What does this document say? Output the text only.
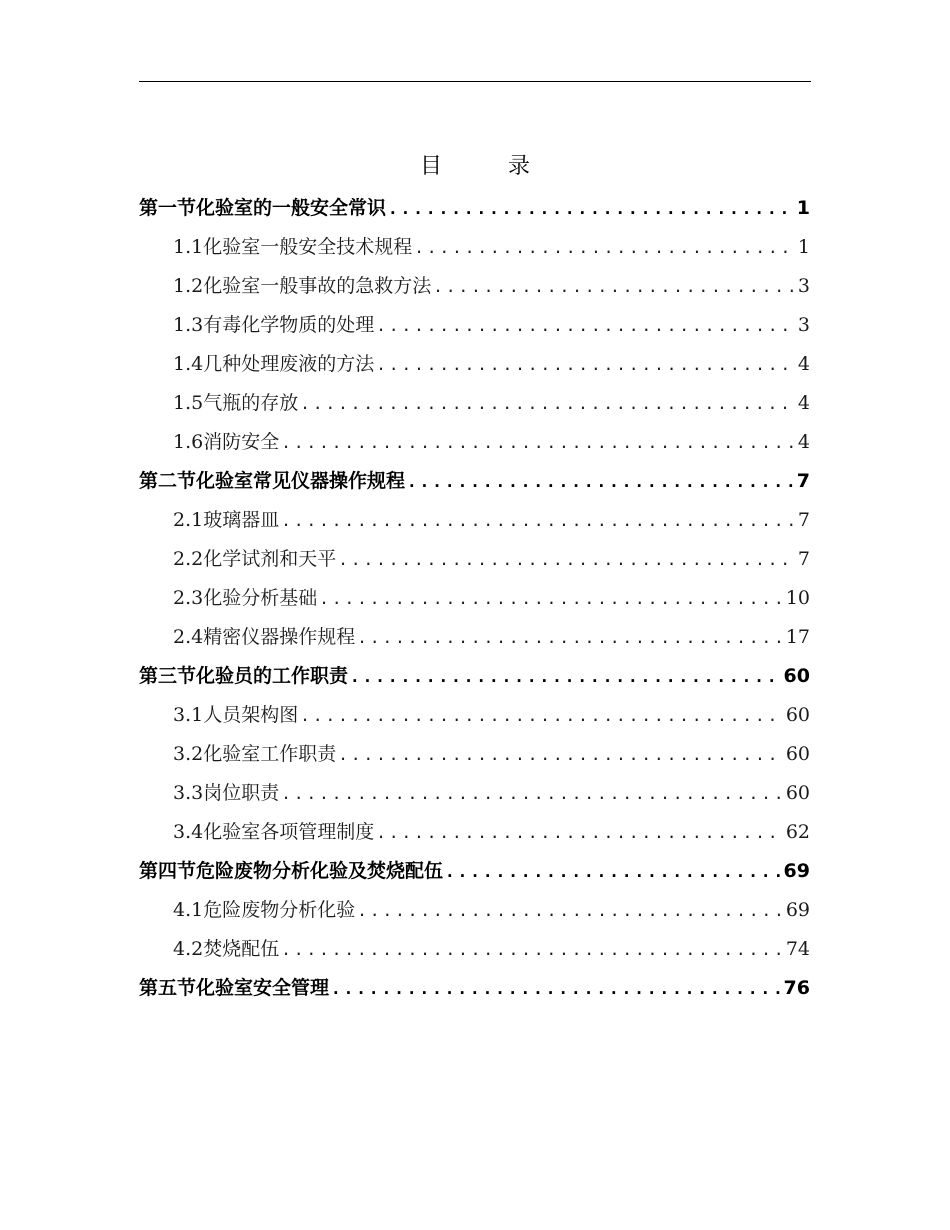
目	录
第一节 化验室的一般安全常识 .....	1
1.1 化验室一般安全技术规程 .....	1
1.2 化验室一般事故的急救方法 .....	3
1.3 有毒化学物质的处理 .....	3
1.4 几种处理废液的方法 .....	4
1.5 气瓶的存放 .....	4
1.6 消防安全 .....	4
第二节 化验室常见仪器操作规程 .....	7
2.1 玻璃器皿 .....	7
2.2 化学试剂和天平 .....	7
2.3 化验分析基础 .....	10
2.4 精密仪器操作规程 .....	17
第三节 化验员的工作职责 .....	60
3.1 人员架构图 .....	60
3.2 化验室工作职责 .....	60
3.3 岗位职责 .....	60
3.4 化验室各项管理制度 .....	62
第四节 危险废物分析化验及焚烧配伍 .....	69
4.1 危险废物分析化验 .....	69
4.2 焚烧配伍 .....	74
第五节 化验室安全管理 .....	76
